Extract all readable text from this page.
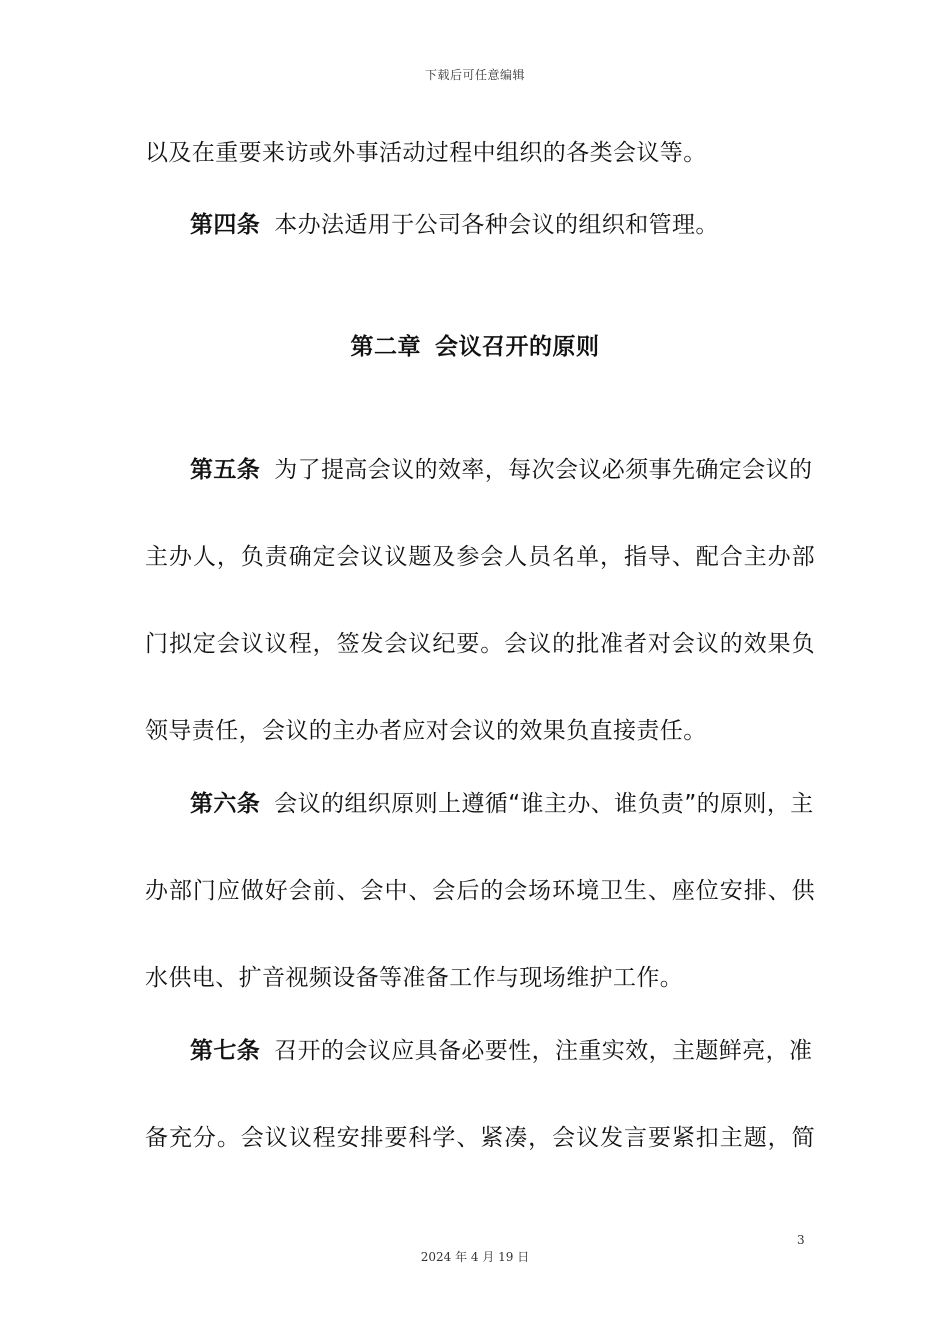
下载后可任意编辑
以及在重要来访或外事活动过程中组织的各类会议等。
第四条 本办法适用于公司各种会议的组织和管理。
第二章 会议召开的原则
第五条 为了提高会议的效率，每次会议必须事先确定会议的
主办人，负责确定会议议题及参会人员名单，指导、配合主办部
门拟定会议议程，签发会议纪要。会议的批准者对会议的效果负
领导责任，会议的主办者应对会议的效果负直接责任。
第六条 会议的组织原则上遵循“谁主办、谁负责”的原则，主
办部门应做好会前、会中、会后的会场环境卫生、座位安排、供
水供电、扩音视频设备等准备工作与现场维护工作。
第七条 召开的会议应具备必要性，注重实效，主题鲜亮，准
备充分。会议议程安排要科学、紧凑，会议发言要紧扣主题，简
3
2024 年 4 月 19 日
